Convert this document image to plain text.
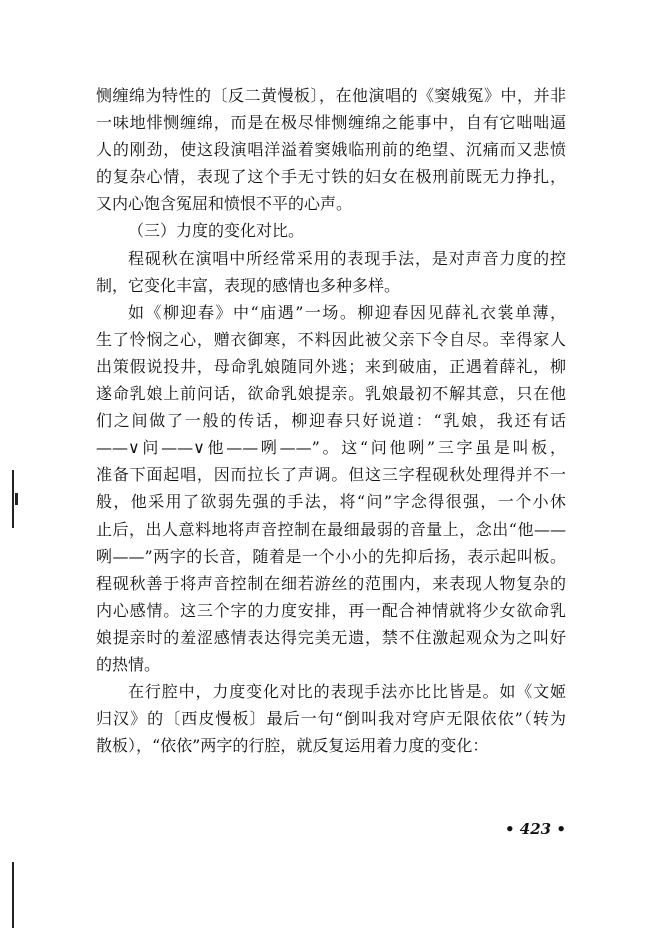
恻缠绵为特性的〔反二黄慢板〕，在他演唱的《窦娥冤》中，并非
一味地悱恻缠绵，而是在极尽悱恻缠绵之能事中，自有它咄咄逼
人的刚劲，使这段演唱洋溢着窦娥临刑前的绝望、沉痛而又悲愤
的复杂心情，表现了这个手无寸铁的妇女在极刑前既无力挣扎，
又内心饱含冤屈和愤恨不平的心声。
（三）力度的变化对比。
程砚秋在演唱中所经常采用的表现手法，是对声音力度的控
制，它变化丰富，表现的感情也多种多样。
如《柳迎春》中“庙遇”一场。柳迎春因见薛礼衣裳单薄，
生了怜悯之心，赠衣御寒，不料因此被父亲下令自尽。幸得家人
出策假说投井，母命乳娘随同外逃；来到破庙，正遇着薛礼，柳
遂命乳娘上前问话，欲命乳娘提亲。乳娘最初不解其意，只在他
们之间做了一般的传话，柳迎春只好说道：“乳娘，我还有话
——∨问——∨他——咧——”。这“问他咧”三字虽是叫板，
准备下面起唱，因而拉长了声调。但这三字程砚秋处理得并不一
般，他采用了欲弱先强的手法，将“问”字念得很强，一个小休
止后，出人意料地将声音控制在最细最弱的音量上，念出“他——
咧——”两字的长音，随着是一个小小的先抑后扬，表示起叫板。
程砚秋善于将声音控制在细若游丝的范围内，来表现人物复杂的
内心感情。这三个字的力度安排，再一配合神情就将少女欲命乳
娘提亲时的羞涩感情表达得完美无遗，禁不住激起观众为之叫好
的热情。
在行腔中，力度变化对比的表现手法亦比比皆是。如《文姬
归汉》的〔西皮慢板〕最后一句“倒叫我对穹庐无限依依”（转为
散板），“依依”两字的行腔，就反复运用着力度的变化：
• 423 •
